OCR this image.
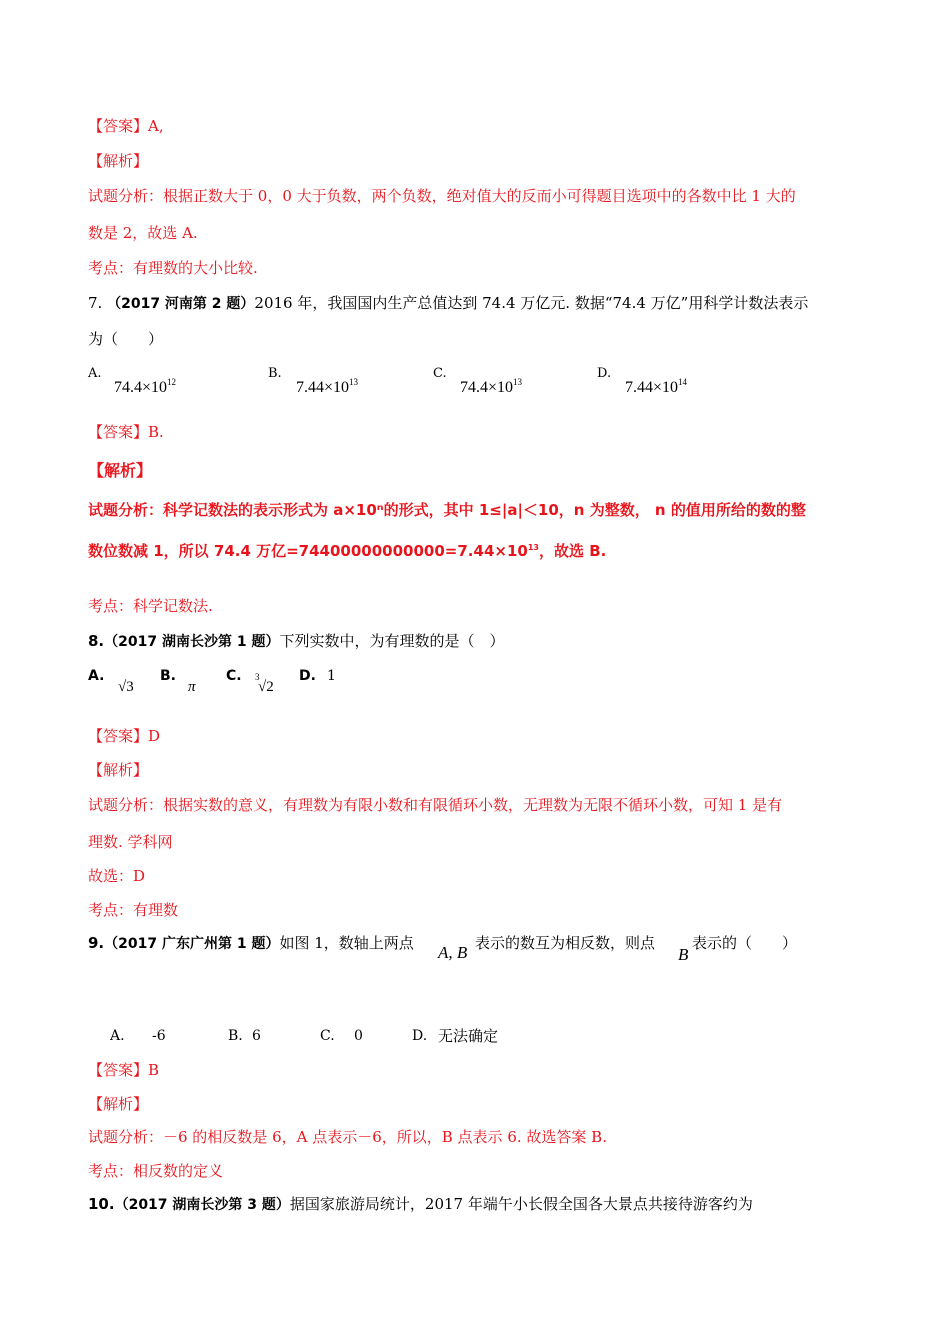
【答案】A,
【解析】
试题分析：根据正数大于 0，0 大于负数，两个负数，绝对值大的反而小可得题目选项中的各数中比 1 大的
数是 2，故选 A.
考点：有理数的大小比较.
7. （2017 河南第 2 题）2016 年，我国国内生产总值达到 74.4 万亿元. 数据“74.4 万亿”用科学计数法表示
为（　　）
A.
$74.4\times 10^{12}$
B.
$7.44\times 10^{13}$
C.
$74.4\times 10^{13}$
D.
$7.44\times 10^{14}$
【答案】B.
【解析】
试题分析：科学记数法的表示形式为 a×10ⁿ的形式，其中 1≤|a|＜10，n 为整数， n 的值用所给的数的整
数位数减 1，所以 74.4 万亿$=74400000000000=7.44\times 10^{13}$，故选 B.
考点：科学记数法.
8.（2017 湖南长沙第 1 题）下列实数中，为有理数的是（　）
A.
√3
B.
π
C. 3
√2
D. 1
【答案】D
【解析】
试题分析：根据实数的意义，有理数为有限小数和有限循环小数，无理数为无限不循环小数，可知 1 是有
理数. 学科网
故选：D
考点：有理数
9.（2017 广东广州第 1 题）如图 1，数轴上两点 A, B 表示的数互为相反数，则点
B
表示的（　　）
A. -6	B. 6	C. 0	D. 无法确定
【答案】B
【解析】
试题分析：－6 的相反数是 6，A 点表示－6，所以，B 点表示 6. 故选答案 B.
考点：相反数的定义
10.（2017 湖南长沙第 3 题）据国家旅游局统计，2017 年端午小长假全国各大景点共接待游客约为
